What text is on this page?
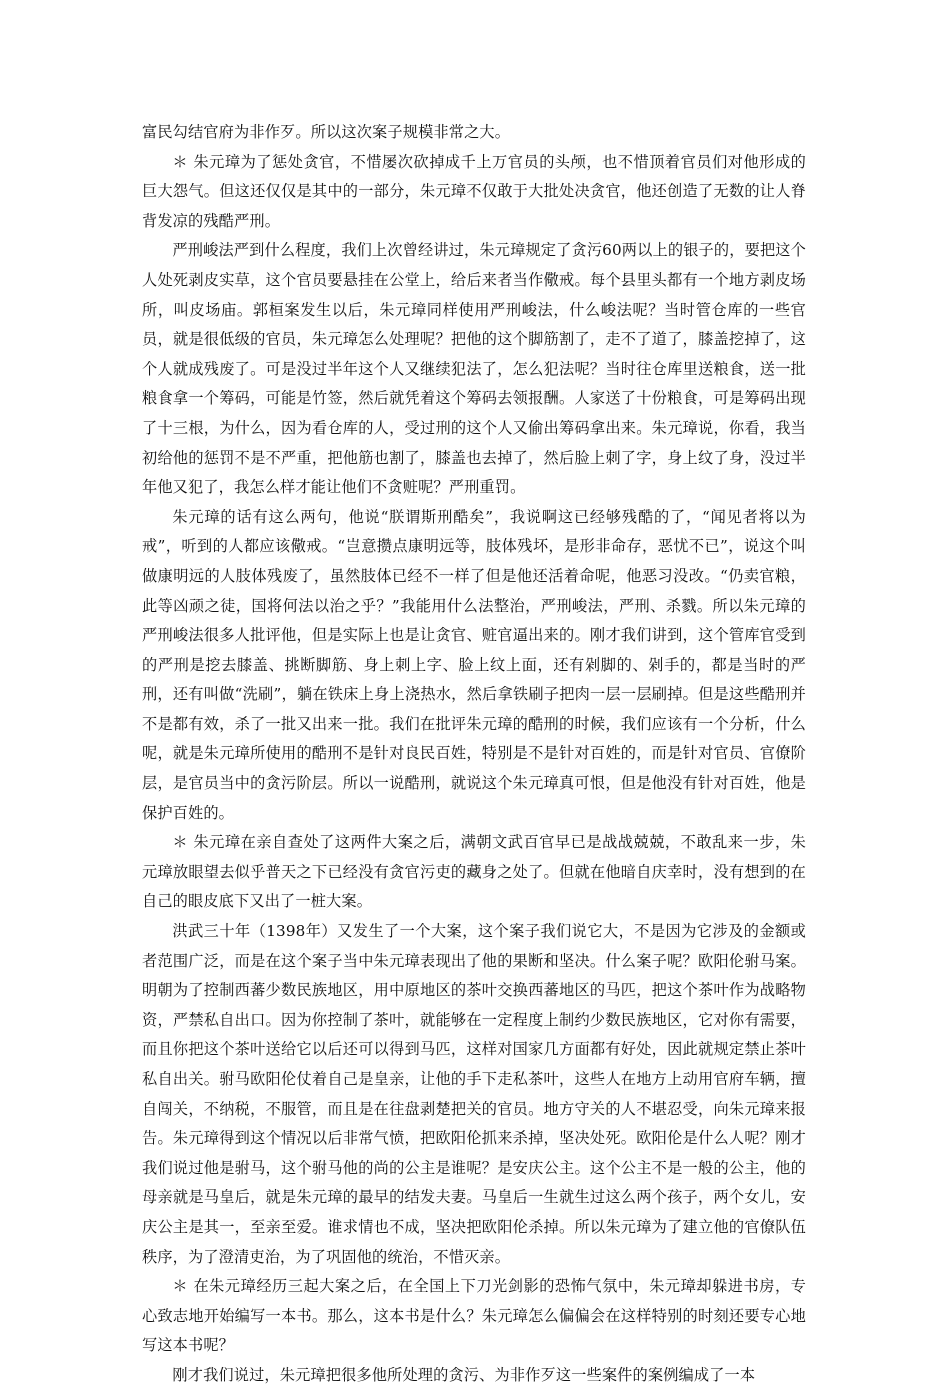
富民勾结官府为非作歹。所以这次案子规模非常之大。

＊ 朱元璋为了惩处贪官，不惜屡次砍掉成千上万官员的头颅，也不惜顶着官员们对他形成的巨大怨气。但这还仅仅是其中的一部分，朱元璋不仅敢于大批处决贪官，他还创造了无数的让人脊背发凉的残酷严刑。

严刑峻法严到什么程度，我们上次曾经讲过，朱元璋规定了贪污60两以上的银子的，要把这个人处死剥皮实草，这个官员要悬挂在公堂上，给后来者当作儆戒。每个县里头都有一个地方剥皮场所，叫皮场庙。郭桓案发生以后，朱元璋同样使用严刑峻法，什么峻法呢？当时管仓库的一些官员，就是很低级的官员，朱元璋怎么处理呢？把他的这个脚筋割了，走不了道了，膝盖挖掉了，这个人就成残废了。可是没过半年这个人又继续犯法了，怎么犯法呢？当时往仓库里送粮食，送一批粮食拿一个筹码，可能是竹签，然后就凭着这个筹码去领报酬。人家送了十份粮食，可是筹码出现了十三根，为什么，因为看仓库的人，受过刑的这个人又偷出筹码拿出来。朱元璋说，你看，我当初给他的惩罚不是不严重，把他筋也割了，膝盖也去掉了，然后脸上刺了字，身上纹了身，没过半年他又犯了，我怎么样才能让他们不贪赃呢？严刑重罚。

朱元璋的话有这么两句，他说“朕谓斯刑酷矣”，我说啊这已经够残酷的了，“闻见者将以为戒”，听到的人都应该儆戒。“岂意攒点康明远等，肢体残坏，是形非命存，恶忧不已”，说这个叫做康明远的人肢体残废了，虽然肢体已经不一样了但是他还活着命呢，他恶习没改。“仍卖官粮，此等凶顽之徒，国将何法以治之乎？”我能用什么法整治，严刑峻法，严刑、杀戮。所以朱元璋的严刑峻法很多人批评他，但是实际上也是让贪官、赃官逼出来的。刚才我们讲到，这个管库官受到的严刑是挖去膝盖、挑断脚筋、身上刺上字、脸上纹上面，还有剁脚的、剁手的，都是当时的严刑，还有叫做“洗刷”，躺在铁床上身上浇热水，然后拿铁刷子把肉一层一层刷掉。但是这些酷刑并不是都有效，杀了一批又出来一批。我们在批评朱元璋的酷刑的时候，我们应该有一个分析，什么呢，就是朱元璋所使用的酷刑不是针对良民百姓，特别是不是针对百姓的，而是针对官员、官僚阶层，是官员当中的贪污阶层。所以一说酷刑，就说这个朱元璋真可恨，但是他没有针对百姓，他是保护百姓的。

＊ 朱元璋在亲自查处了这两件大案之后，满朝文武百官早已是战战兢兢，不敢乱来一步，朱元璋放眼望去似乎普天之下已经没有贪官污吏的藏身之处了。但就在他暗自庆幸时，没有想到的在自己的眼皮底下又出了一桩大案。

洪武三十年（1398年）又发生了一个大案，这个案子我们说它大，不是因为它涉及的金额或者范围广泛，而是在这个案子当中朱元璋表现出了他的果断和坚决。什么案子呢？欧阳伦驸马案。明朝为了控制西蕃少数民族地区，用中原地区的茶叶交换西蕃地区的马匹，把这个茶叶作为战略物资，严禁私自出口。因为你控制了茶叶，就能够在一定程度上制约少数民族地区，它对你有需要，而且你把这个茶叶送给它以后还可以得到马匹，这样对国家几方面都有好处，因此就规定禁止茶叶私自出关。驸马欧阳伦仗着自己是皇亲，让他的手下走私茶叶，这些人在地方上动用官府车辆，擅自闯关，不纳税，不服管，而且是在往盘剥楚把关的官员。地方守关的人不堪忍受，向朱元璋来报告。朱元璋得到这个情况以后非常气愤，把欧阳伦抓来杀掉，坚决处死。欧阳伦是什么人呢？刚才我们说过他是驸马，这个驸马他的尚的公主是谁呢？是安庆公主。这个公主不是一般的公主，他的母亲就是马皇后，就是朱元璋的最早的结发夫妻。马皇后一生就生过这么两个孩子，两个女儿，安庆公主是其一，至亲至爱。谁求情也不成，坚决把欧阳伦杀掉。所以朱元璋为了建立他的官僚队伍秩序，为了澄清吏治，为了巩固他的统治，不惜灭亲。

＊ 在朱元璋经历三起大案之后，在全国上下刀光剑影的恐怖气氛中，朱元璋却躲进书房，专心致志地开始编写一本书。那么，这本书是什么？朱元璋怎么偏偏会在这样特别的时刻还要专心地写这本书呢？

刚才我们说过，朱元璋把很多他所处理的贪污、为非作歹这一些案件的案例编成了一本
